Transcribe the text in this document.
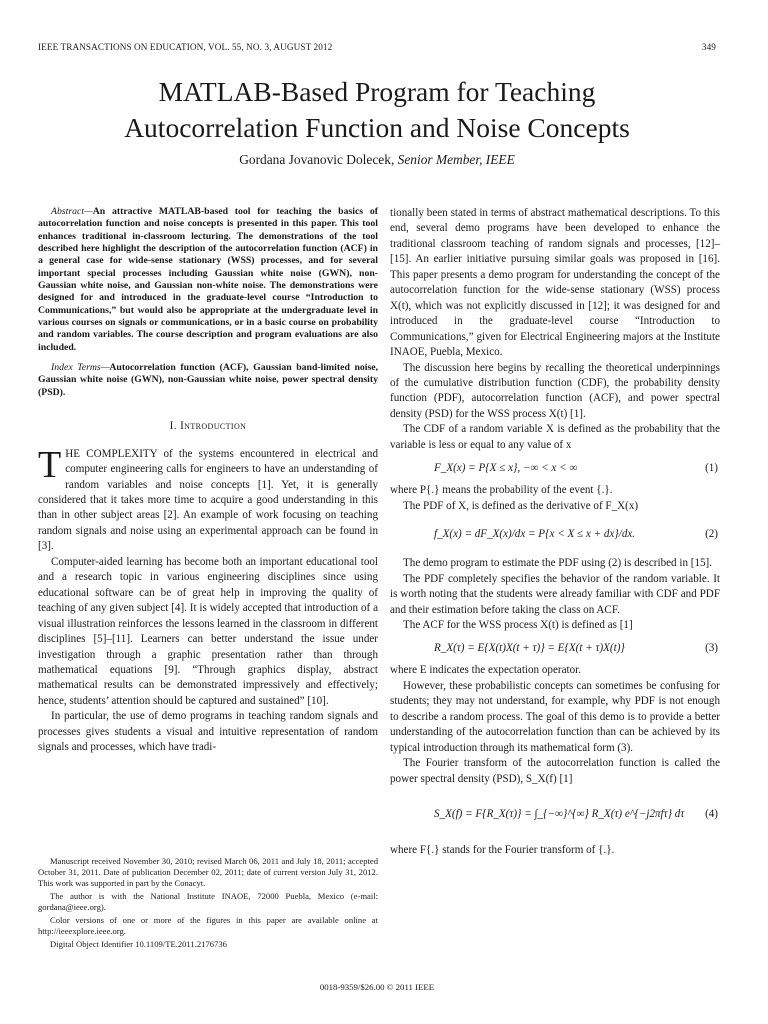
IEEE TRANSACTIONS ON EDUCATION, VOL. 55, NO. 3, AUGUST 2012	349
MATLAB-Based Program for Teaching
Autocorrelation Function and Noise Concepts
Gordana Jovanovic Dolecek, Senior Member, IEEE

Abstract—An attractive MATLAB-based tool for teaching the basics of autocorrelation function and noise concepts is presented in this paper. This tool enhances traditional in-classroom lecturing. The demonstrations of the tool described here highlight the description of the autocorrelation function (ACF) in a general case for wide-sense stationary (WSS) processes, and for several important special processes including Gaussian white noise (GWN), non-Gaussian white noise, and Gaussian non-white noise. The demonstrations were designed for and introduced in the graduate-level course “Introduction to Communications,” but would also be appropriate at the undergraduate level in various courses on signals or communications, or in a basic course on probability and random variables. The course description and program evaluations are also included.

Index Terms—Autocorrelation function (ACF), Gaussian band-limited noise, Gaussian white noise (GWN), non-Gaussian white noise, power spectral density (PSD).

I. Introduction

THE COMPLEXITY of the systems encountered in electrical and computer engineering calls for engineers to have an understanding of random variables and noise concepts [1]. Yet, it is generally considered that it takes more time to acquire a good understanding in this than in other subject areas [2]. An example of work focusing on teaching random signals and noise using an experimental approach can be found in [3].

Computer-aided learning has become both an important educational tool and a research topic in various engineering disciplines since using educational software can be of great help in improving the quality of teaching of any given subject [4]. It is widely accepted that introduction of a visual illustration reinforces the lessons learned in the classroom in different disciplines [5]–[11]. Learners can better understand the issue under investigation through a graphic presentation rather than through mathematical equations [9]. “Through graphics display, abstract mathematical results can be demonstrated impressively and effectively; hence, students’ attention should be captured and sustained” [10].

In particular, the use of demo programs in teaching random signals and processes gives students a visual and intuitive representation of random signals and processes, which have tradi-

Manuscript received November 30, 2010; revised March 06, 2011 and July 18, 2011; accepted October 31, 2011. Date of publication December 02, 2011; date of current version July 31, 2012. This work was supported in part by the Conacyt.

The author is with the National Institute INAOE, 72000 Puebla, Mexico (e-mail: gordana@ieee.org).

Color versions of one or more of the figures in this paper are available online at http://ieeexplore.ieee.org.

Digital Object Identifier 10.1109/TE.2011.2176736

tionally been stated in terms of abstract mathematical descriptions. To this end, several demo programs have been developed to enhance the traditional classroom teaching of random signals and processes, [12]–[15]. An earlier initiative pursuing similar goals was proposed in [16]. This paper presents a demo program for understanding the concept of the autocorrelation function for the wide-sense stationary (WSS) process X(t), which was not explicitly discussed in [12]; it was designed for and introduced in the graduate-level course “Introduction to Communications,” given for Electrical Engineering majors at the Institute INAOE, Puebla, Mexico.

The discussion here begins by recalling the theoretical underpinnings of the cumulative distribution function (CDF), the probability density function (PDF), autocorrelation function (ACF), and power spectral density (PSD) for the WSS process X(t) [1].

The CDF of a random variable X is defined as the probability that the variable is less or equal to any value of x

F_X(x) = P{X ≤ x}, −∞ < x < ∞	(1)

where P{.} means the probability of the event {.}.

The PDF of X, is defined as the derivative of F_X(x)

f_X(x) = dF_X(x)/dx = P{x < X ≤ x + dx}/dx.	(2)

The demo program to estimate the PDF using (2) is described in [15].

The PDF completely specifies the behavior of the random variable. It is worth noting that the students were already familiar with CDF and PDF and their estimation before taking the class on ACF.

The ACF for the WSS process X(t) is defined as [1]

R_X(τ) = E{X(t)X(t + τ)} = E{X(t + τ)X(t)}	(3)

where E indicates the expectation operator.

However, these probabilistic concepts can sometimes be confusing for students; they may not understand, for example, why PDF is not enough to describe a random process. The goal of this demo is to provide a better understanding of the autocorrelation function than can be achieved by its typical introduction through its mathematical form (3).

The Fourier transform of the autocorrelation function is called the power spectral density (PSD), S_X(f) [1]

S_X(f) = F{R_X(τ)} = ∫_{−∞}^{∞} R_X(τ) e^{−j2πfτ} dτ (4)

where F{.} stands for the Fourier transform of {.}.

0018-9359/$26.00 © 2011 IEEE
